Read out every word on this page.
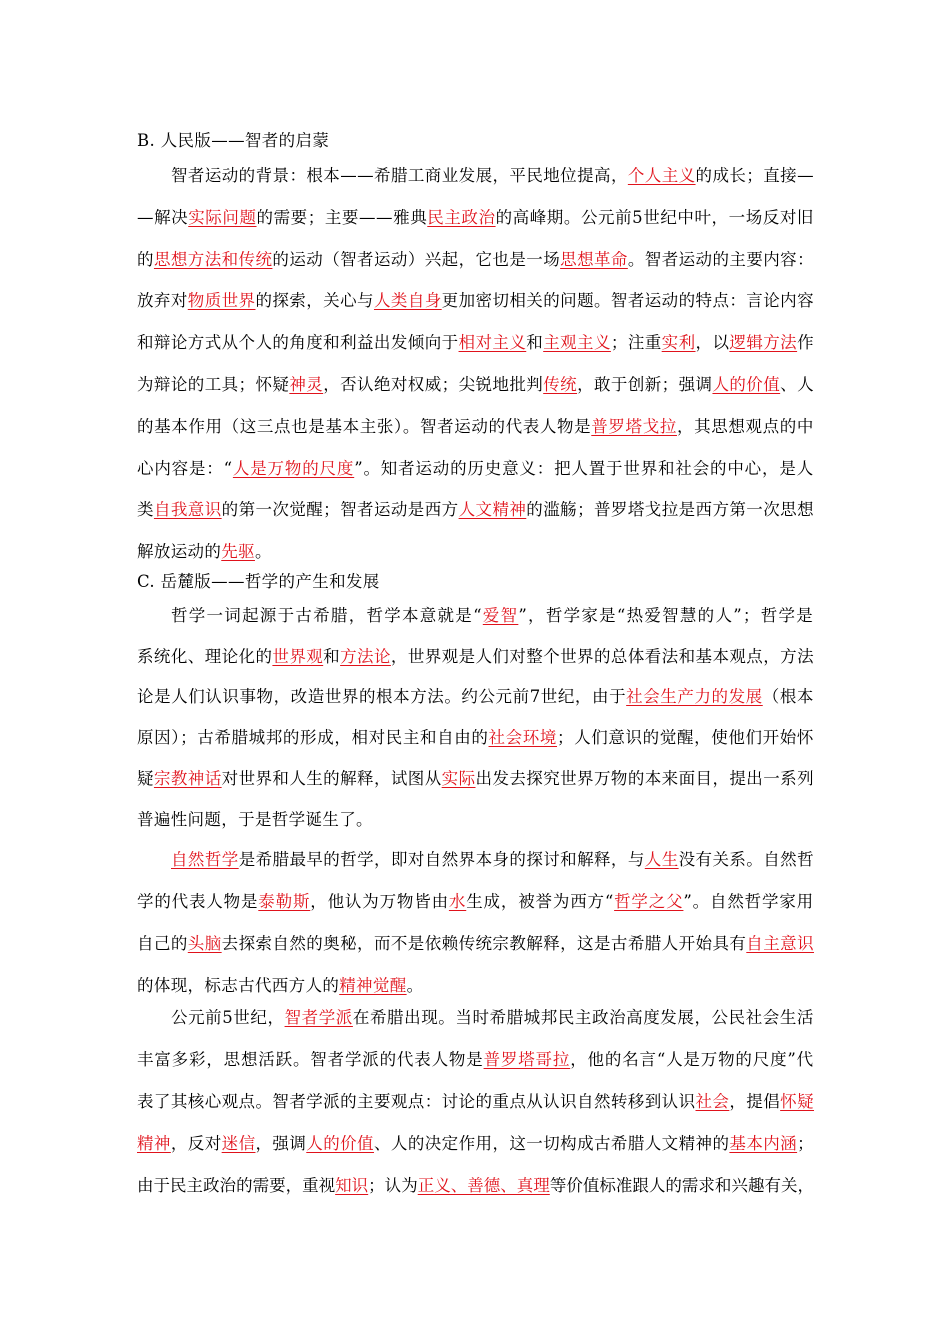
B. 人民版——智者的启蒙
智者运动的背景：根本——希腊工商业发展，平民地位提高，个人主义的成长；直接—
—解决实际问题的需要；主要——雅典民主政治的高峰期。公元前5世纪中叶，一场反对旧
的思想方法和传统的运动（智者运动）兴起，它也是一场思想革命。智者运动的主要内容：
放弃对物质世界的探索，关心与人类自身更加密切相关的问题。智者运动的特点：言论内容
和辩论方式从个人的角度和利益出发倾向于相对主义和主观主义；注重实利，以逻辑方法作
为辩论的工具；怀疑神灵，否认绝对权威；尖锐地批判传统，敢于创新；强调人的价值、人
的基本作用（这三点也是基本主张）。智者运动的代表人物是普罗塔戈拉，其思想观点的中
心内容是：“人是万物的尺度”。知者运动的历史意义：把人置于世界和社会的中心，是人
类自我意识的第一次觉醒；智者运动是西方人文精神的滥觞；普罗塔戈拉是西方第一次思想
解放运动的先驱。
C. 岳麓版——哲学的产生和发展
哲学一词起源于古希腊，哲学本意就是“爱智”，哲学家是“热爱智慧的人”；哲学是
系统化、理论化的世界观和方法论，世界观是人们对整个世界的总体看法和基本观点，方法
论是人们认识事物，改造世界的根本方法。约公元前7世纪，由于社会生产力的发展（根本
原因）；古希腊城邦的形成，相对民主和自由的社会环境；人们意识的觉醒，使他们开始怀
疑宗教神话对世界和人生的解释，试图从实际出发去探究世界万物的本来面目，提出一系列
普遍性问题，于是哲学诞生了。
自然哲学是希腊最早的哲学，即对自然界本身的探讨和解释，与人生没有关系。自然哲
学的代表人物是泰勒斯，他认为万物皆由水生成，被誉为西方“哲学之父”。自然哲学家用
自己的头脑去探索自然的奥秘，而不是依赖传统宗教解释，这是古希腊人开始具有自主意识
的体现，标志古代西方人的精神觉醒。
公元前5世纪，智者学派在希腊出现。当时希腊城邦民主政治高度发展，公民社会生活
丰富多彩，思想活跃。智者学派的代表人物是普罗塔哥拉，他的名言“人是万物的尺度”代
表了其核心观点。智者学派的主要观点：讨论的重点从认识自然转移到认识社会，提倡怀疑
精神，反对迷信，强调人的价值、人的决定作用，这一切构成古希腊人文精神的基本内涵；
由于民主政治的需要，重视知识；认为正义、善德、真理等价值标准跟人的需求和兴趣有关，
